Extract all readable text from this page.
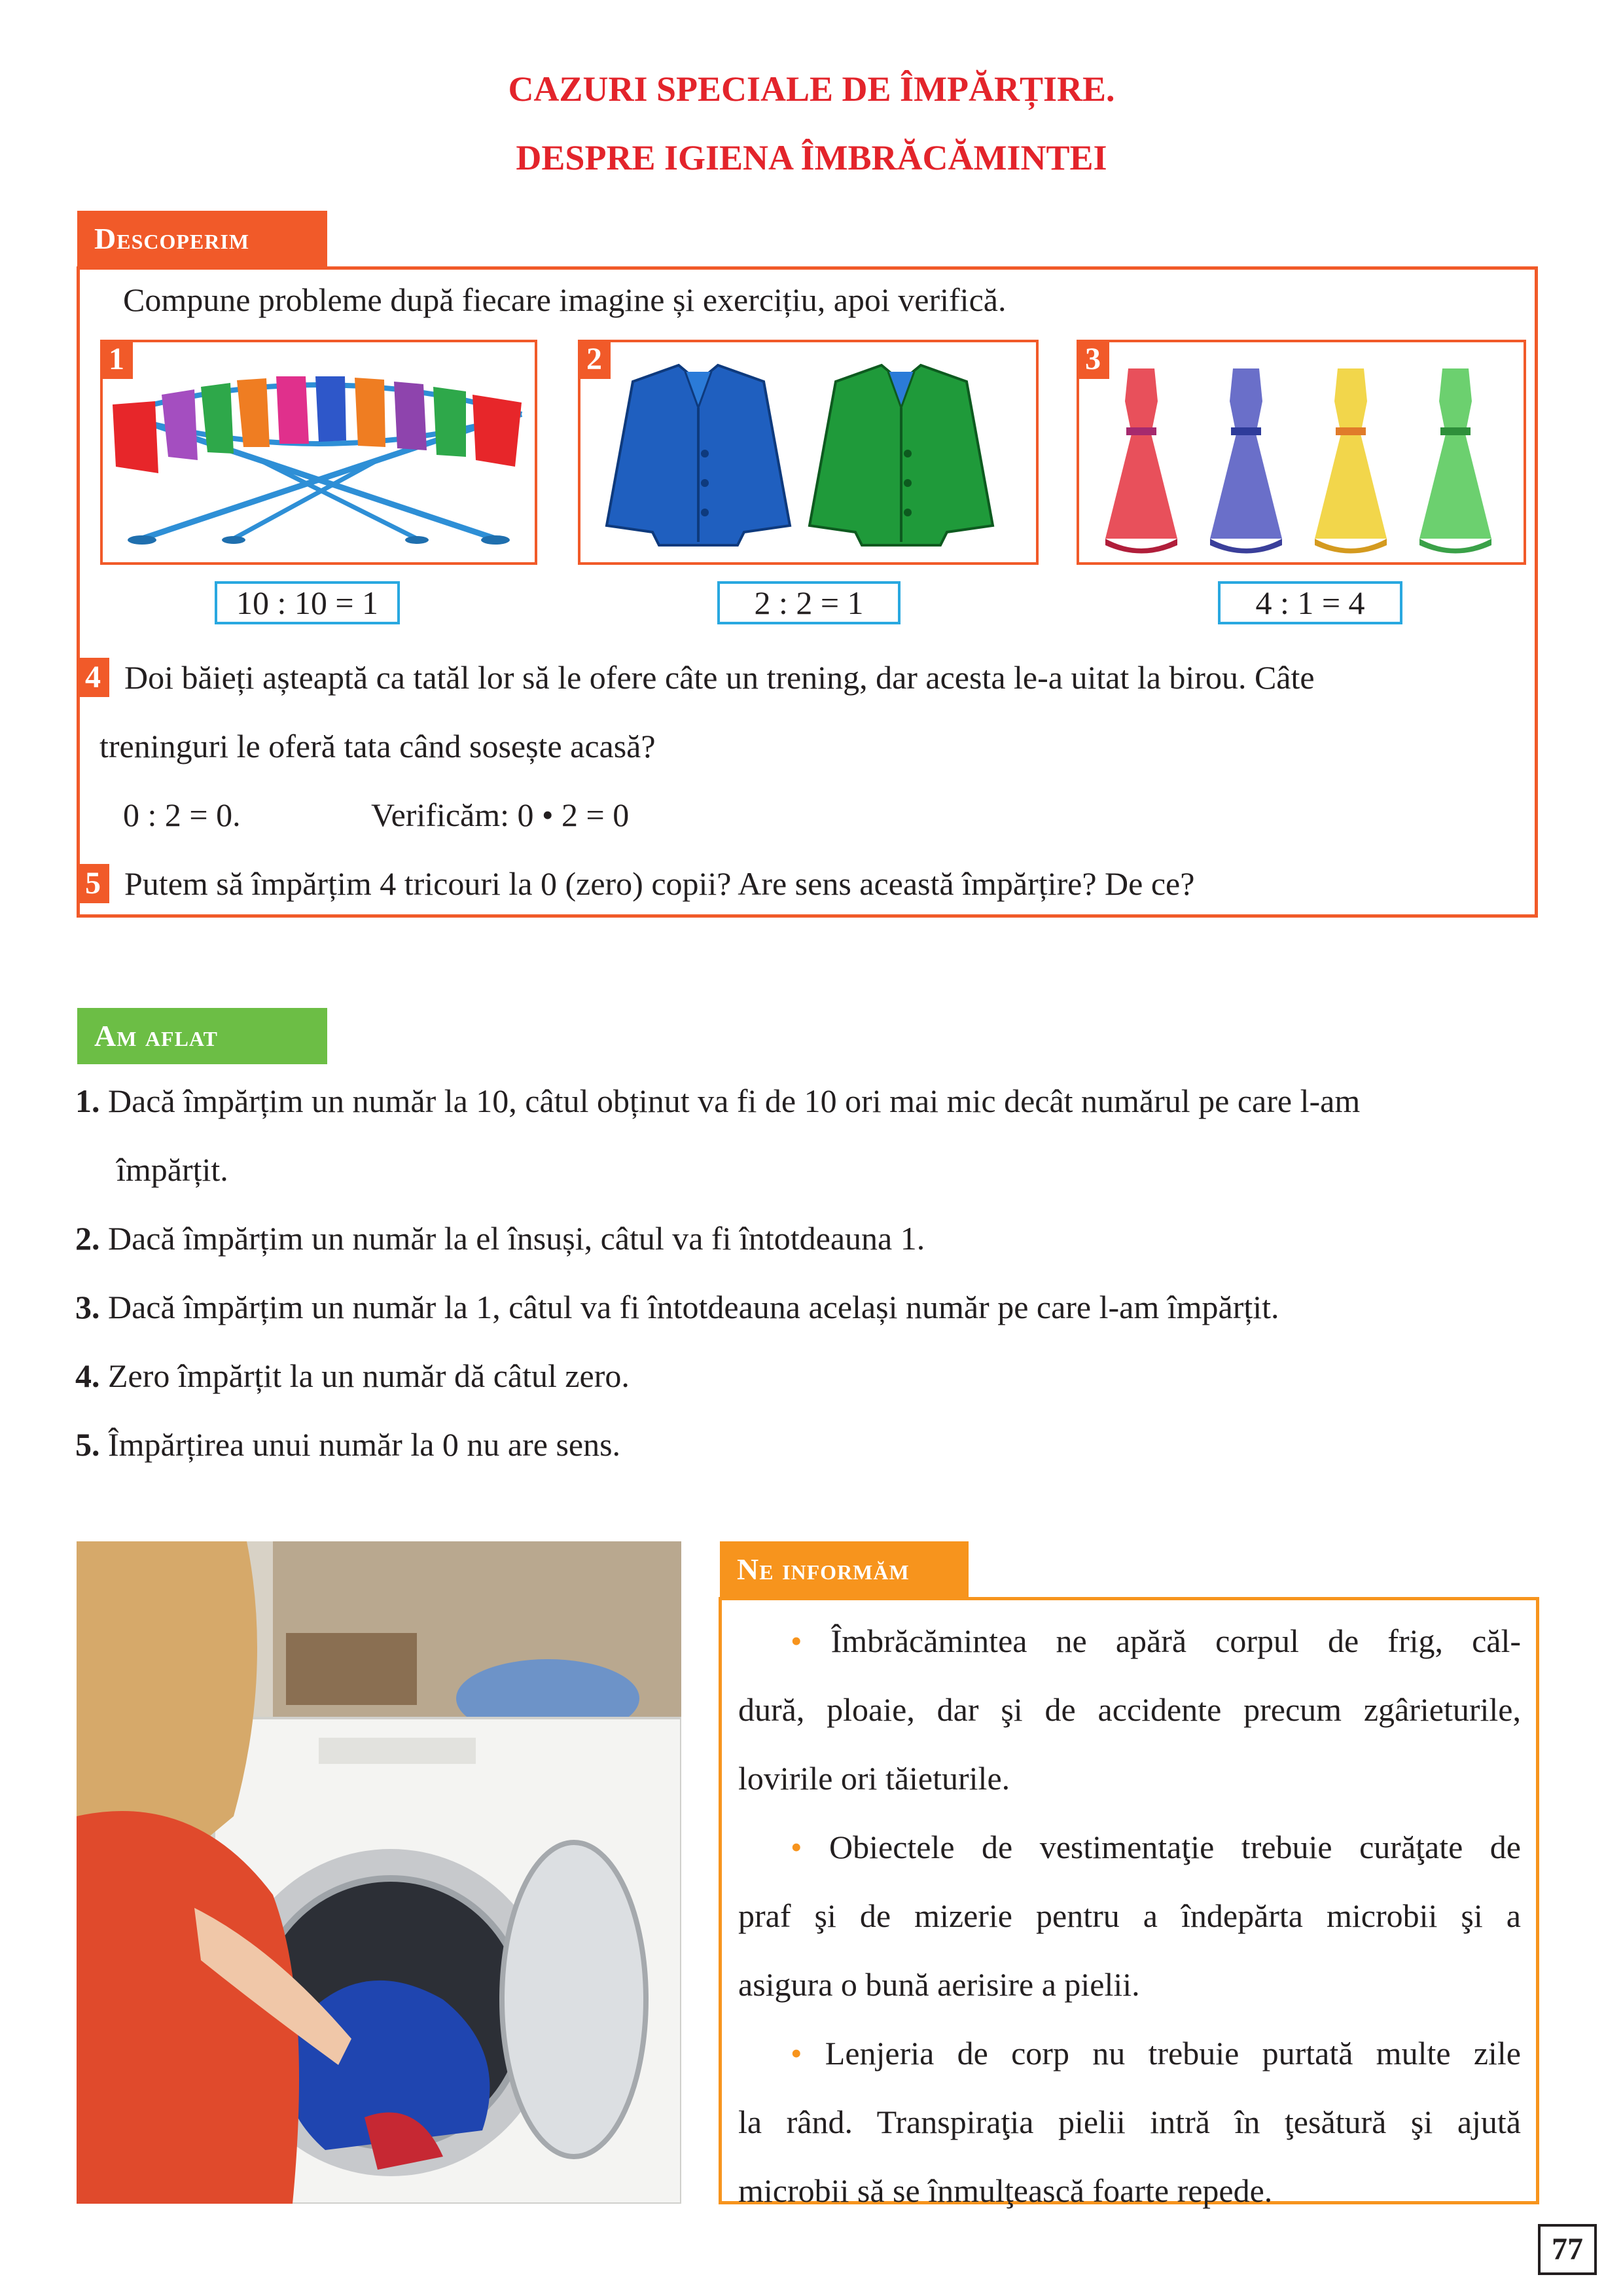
CAZURI SPECIALE DE ÎMPĂRȚIRE.
DESPRE IGIENA ÎMBRĂCĂMINTEI
Descoperim
Compune probleme după fiecare imagine și exercițiu, apoi verifică.
1	2	3
10 : 10 = 1	2 : 2 = 1	4 : 1 = 4
4 Doi băieți așteaptă ca tatăl lor să le ofere câte un trening, dar acesta le-a uitat la birou. Câte
treninguri le oferă tata când sosește acasă?
0 : 2 = 0.	Verificăm: 0 • 2 = 0
5 Putem să împărțim 4 tricouri la 0 (zero) copii? Are sens această împărțire? De ce?
Am aflat
1. Dacă împărțim un număr la 10, câtul obținut va fi de 10 ori mai mic decât numărul pe care l-am
împărțit.
2. Dacă împărțim un număr la el însuși, câtul va fi întotdeauna 1.
3. Dacă împărțim un număr la 1, câtul va fi întotdeauna același număr pe care l-am împărțit.
4. Zero împărțit la un număr dă câtul zero.
5. Împărțirea unui număr la 0 nu are sens.
Ne informăm
• Îmbrăcămintea ne apără corpul de frig, căl-
dură, ploaie, dar şi de accidente precum zgârieturile,
lovirile ori tăieturile.
• Obiectele de vestimentaţie trebuie curăţate de
praf şi de mizerie pentru a îndepărta microbii şi a
asigura o bună aerisire a pielii.
• Lenjeria de corp nu trebuie purtată multe zile
la rând. Transpiraţia pielii intră în ţesătură şi ajută
microbii să se înmulţească foarte repede.
77
